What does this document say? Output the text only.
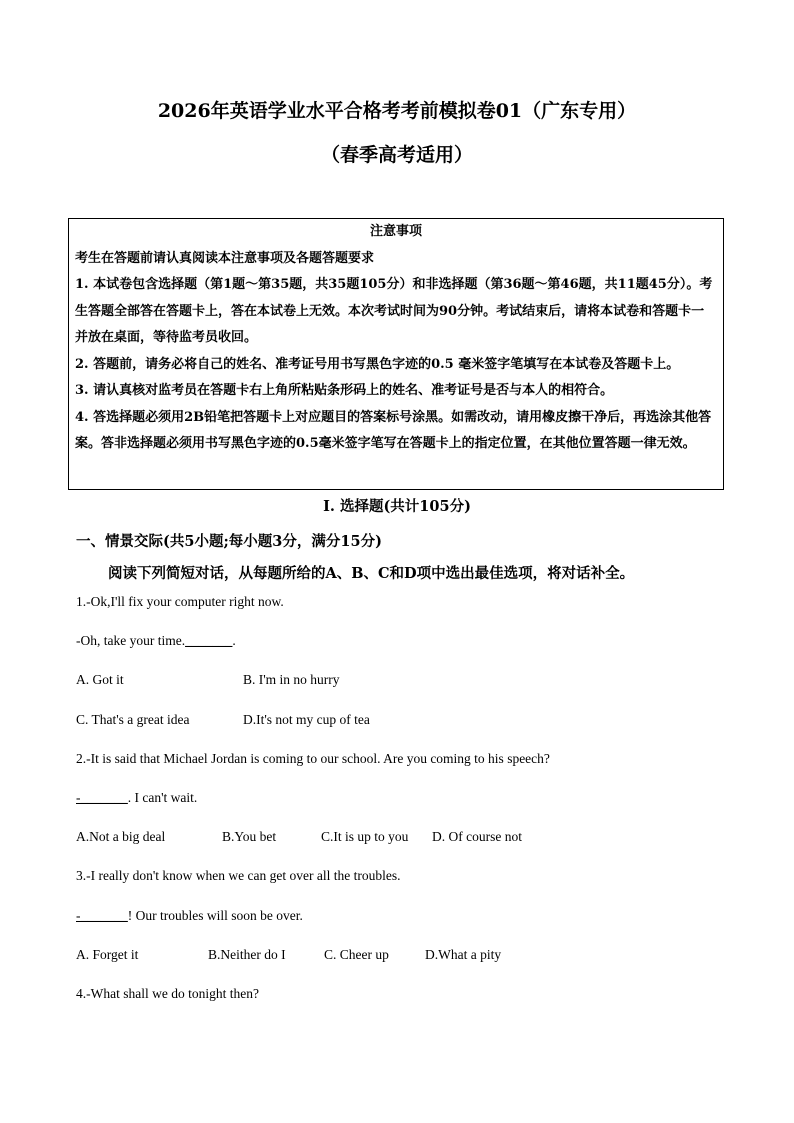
2026年英语学业水平合格考考前模拟卷01（广东专用）
（春季高考适用）
注意事项

考生在答题前请认真阅读本注意事项及各题答题要求

1. 本试卷包含选择题（第1题～第35题，共35题105分）和非选择题（第36题～第46题，共11题45分）。考生答题全部答在答题卡上，答在本试卷上无效。本次考试时间为90分钟。考试结束后，请将本试卷和答题卡一并放在桌面，等待监考员收回。

2. 答题前，请务必将自己的姓名、准考证号用书写黑色字迹的0.5 毫米签字笔填写在本试卷及答题卡上。

3. 请认真核对监考员在答题卡右上角所粘贴条形码上的姓名、准考证号是否与本人的相符合。

4. 答选择题必须用2B铅笔把答题卡上对应题目的答案标号涂黑。如需改动，请用橡皮擦干净后，再选涂其他答案。答非选择题必须用书写黑色字迹的0.5毫米签字笔写在答题卡上的指定位置，在其他位置答题一律无效。

I. 选择题(共计105分)
一、情景交际(共5小题;每小题3分，满分15分)
阅读下列简短对话，从每题所给的A、B、C和D项中选出最佳选项，将对话补全。
1.-Ok,I'll fix your computer right now.
-Oh, take your time._______.
A. Got it	B. I'm in no hurry
C. That's a great idea	D.It's not my cup of tea
2.-It is said that Michael Jordan is coming to our school. Are you coming to his speech?
-_______. I can't wait.
A.Not a big deal	B.You bet	C.It is up to you D. Of course not
3.-I really don't know when we can get over all the troubles.
-_______! Our troubles will soon be over.
A. Forget it	B.Neither do I	C. Cheer up	D.What a pity
4.-What shall we do tonight then?
